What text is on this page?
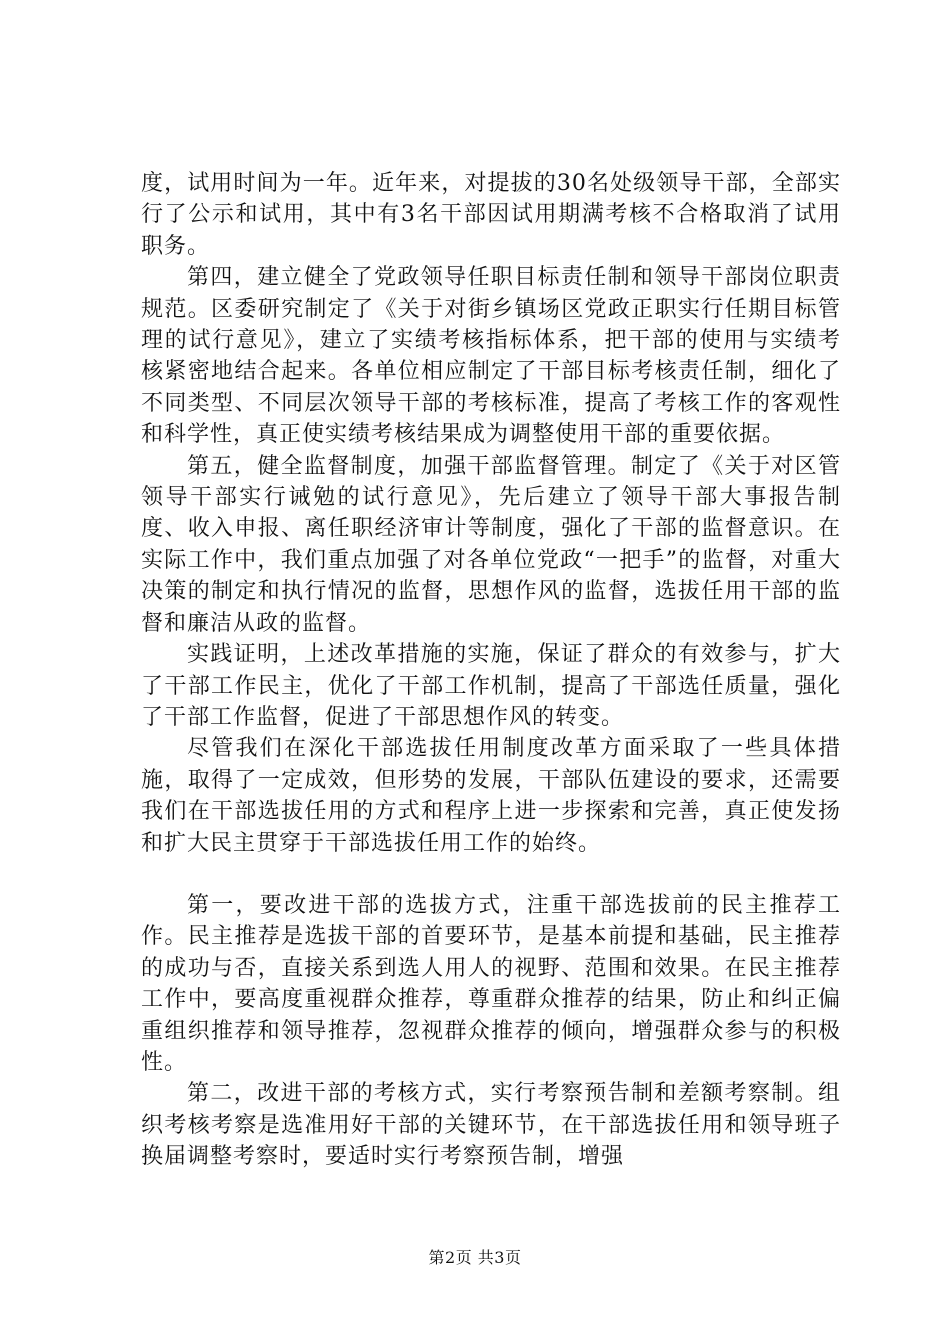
度，试用时间为一年。近年来，对提拔的30名处级领导干部，全部实行了公示和试用，其中有3名干部因试用期满考核不合格取消了试用职务。

第四，建立健全了党政领导任职目标责任制和领导干部岗位职责规范。区委研究制定了《关于对街乡镇场区党政正职实行任期目标管理的试行意见》，建立了实绩考核指标体系，把干部的使用与实绩考核紧密地结合起来。各单位相应制定了干部目标考核责任制，细化了不同类型、不同层次领导干部的考核标准，提高了考核工作的客观性和科学性，真正使实绩考核结果成为调整使用干部的重要依据。

第五，健全监督制度，加强干部监督管理。制定了《关于对区管领导干部实行诫勉的试行意见》，先后建立了领导干部大事报告制度、收入申报、离任职经济审计等制度，强化了干部的监督意识。在实际工作中，我们重点加强了对各单位党政“一把手”的监督，对重大决策的制定和执行情况的监督，思想作风的监督，选拔任用干部的监督和廉洁从政的监督。

实践证明，上述改革措施的实施，保证了群众的有效参与，扩大了干部工作民主，优化了干部工作机制，提高了干部选任质量，强化了干部工作监督，促进了干部思想作风的转变。

尽管我们在深化干部选拔任用制度改革方面采取了一些具体措施，取得了一定成效，但形势的发展，干部队伍建设的要求，还需要我们在干部选拔任用的方式和程序上进一步探索和完善，真正使发扬和扩大民主贯穿于干部选拔任用工作的始终。

第一，要改进干部的选拔方式，注重干部选拔前的民主推荐工作。民主推荐是选拔干部的首要环节，是基本前提和基础，民主推荐的成功与否，直接关系到选人用人的视野、范围和效果。在民主推荐工作中，要高度重视群众推荐，尊重群众推荐的结果，防止和纠正偏重组织推荐和领导推荐，忽视群众推荐的倾向，增强群众参与的积极性。

第二，改进干部的考核方式，实行考察预告制和差额考察制。组织考核考察是选准用好干部的关键环节，在干部选拔任用和领导班子换届调整考察时，要适时实行考察预告制，增强

第2页 共3页
